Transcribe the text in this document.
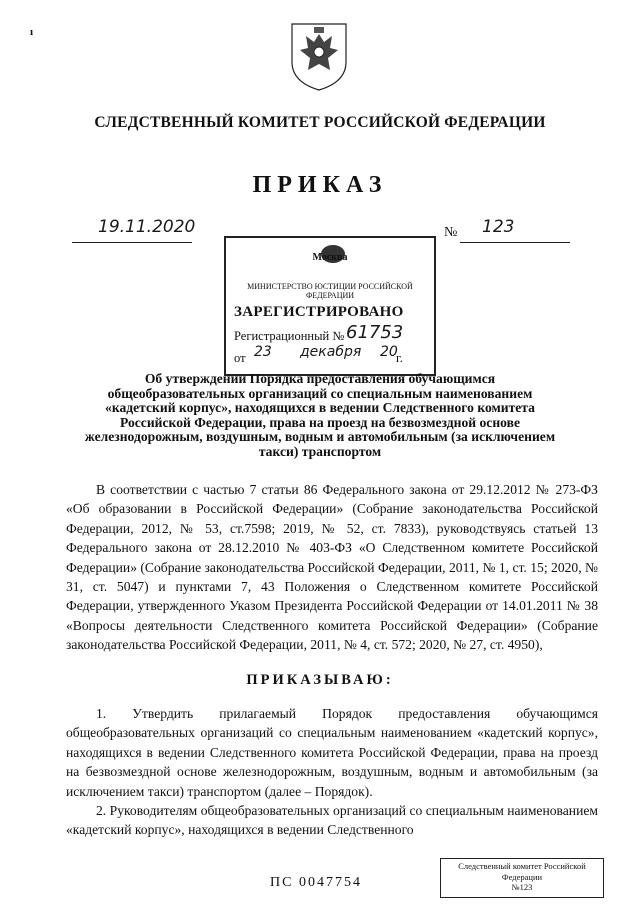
ı
СЛЕДСТВЕННЫЙ КОМИТЕТ РОССИЙСКОЙ ФЕДЕРАЦИИ
ПРИКАЗ
19.11.2020	№ 123
Москва
МИНИСТЕРСТВО ЮСТИЦИИ РОССИЙСКОЙ ФЕДЕРАЦИИ
ЗАРЕГИСТРИРОВАНО
Регистрационный № 61753
от 23 декабря 20
г.
Об утверждении Порядка предоставления обучающимся общеобразовательных организаций со специальным наименованием «кадетский корпус», находящихся в ведении Следственного комитета Российской Федерации, права на проезд на безвозмездной основе железнодорожным, воздушным, водным и автомобильным (за исключением такси) транспортом

В соответствии с частью 7 статьи 86 Федерального закона от 29.12.2012 № 273-ФЗ «Об образовании в Российской Федерации» (Собрание законодательства Российской Федерации, 2012, № 53, ст.7598; 2019, № 52, ст. 7833), руководствуясь статьей 13 Федерального закона от 28.12.2010 № 403-ФЗ «О Следственном комитете Российской Федерации» (Собрание законодательства Российской Федерации, 2011, № 1, ст. 15; 2020, № 31, ст. 5047) и пунктами 7, 43 Положения о Следственном комитете Российской Федерации, утвержденного Указом Президента Российской Федерации от 14.01.2011 № 38 «Вопросы деятельности Следственного комитета Российской Федерации» (Собрание законодательства Российской Федерации, 2011, № 4, ст. 572; 2020, № 27, ст. 4950),

ПРИКАЗЫВАЮ:

1. Утвердить прилагаемый Порядок предоставления обучающимся общеобразовательных организаций со специальным наименованием «кадетский корпус», находящихся в ведении Следственного комитета Российской Федерации, права на проезд на безвозмездной основе железнодорожным, воздушным, водным и автомобильным (за исключением такси) транспортом (далее – Порядок).

2. Руководителям общеобразовательных организаций со специальным наименованием «кадетский корпус», находящихся в ведении Следственного

ПС 0047754
Следственный комитет Российской Федерации
№123
